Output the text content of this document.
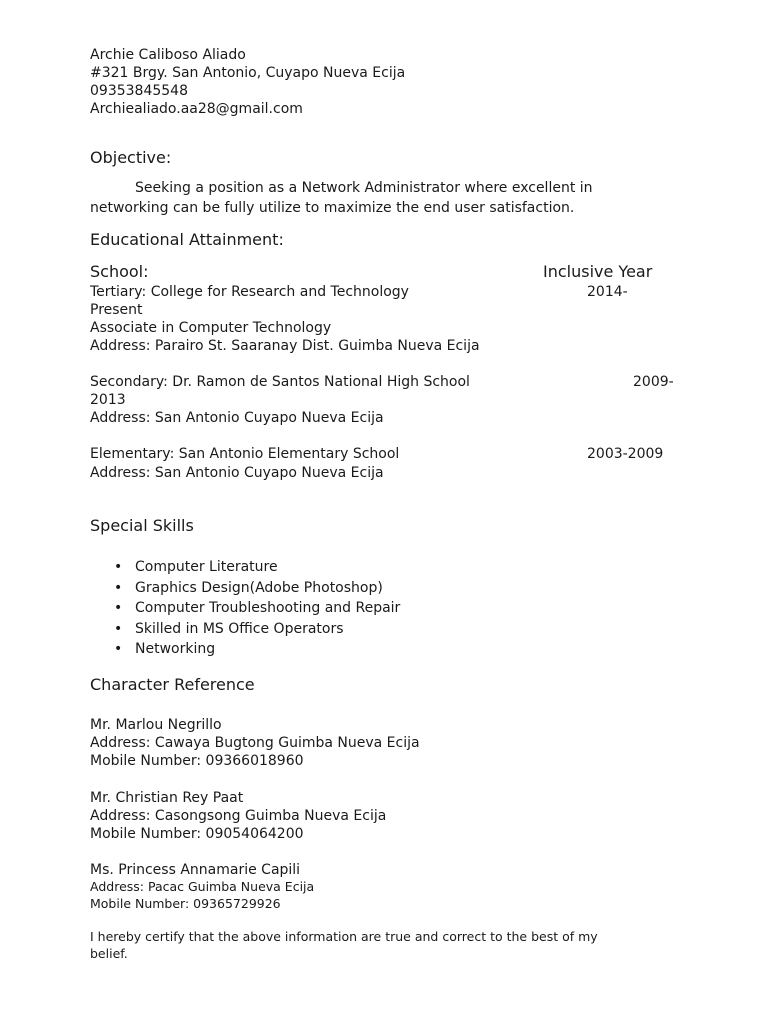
Archie Caliboso Aliado
#321 Brgy. San Antonio, Cuyapo Nueva Ecija
09353845548
Archiealiado.aa28@gmail.com
Objective:
Seeking a position as a Network Administrator where excellent in
networking can be fully utilize to maximize the end user satisfaction.
Educational Attainment:
School:	Inclusive Year
Tertiary: College for Research and Technology	2014-
Present
Associate in Computer Technology
Address: Parairo St. Saaranay Dist. Guimba Nueva Ecija
Secondary: Dr. Ramon de Santos National High School	2009-
2013
Address: San Antonio Cuyapo Nueva Ecija
Elementary: San Antonio Elementary School	2003-2009
Address: San Antonio Cuyapo Nueva Ecija
Special Skills
• Computer Literature
• Graphics Design(Adobe Photoshop)
• Computer Troubleshooting and Repair
• Skilled in MS Office Operators
• Networking
Character Reference
Mr. Marlou Negrillo
Address: Cawaya Bugtong Guimba Nueva Ecija
Mobile Number: 09366018960
Mr. Christian Rey Paat
Address: Casongsong Guimba Nueva Ecija
Mobile Number: 09054064200
Ms. Princess Annamarie Capili
Address: Pacac Guimba Nueva Ecija
Mobile Number: 09365729926
I hereby certify that the above information are true and correct to the best of my
belief.
